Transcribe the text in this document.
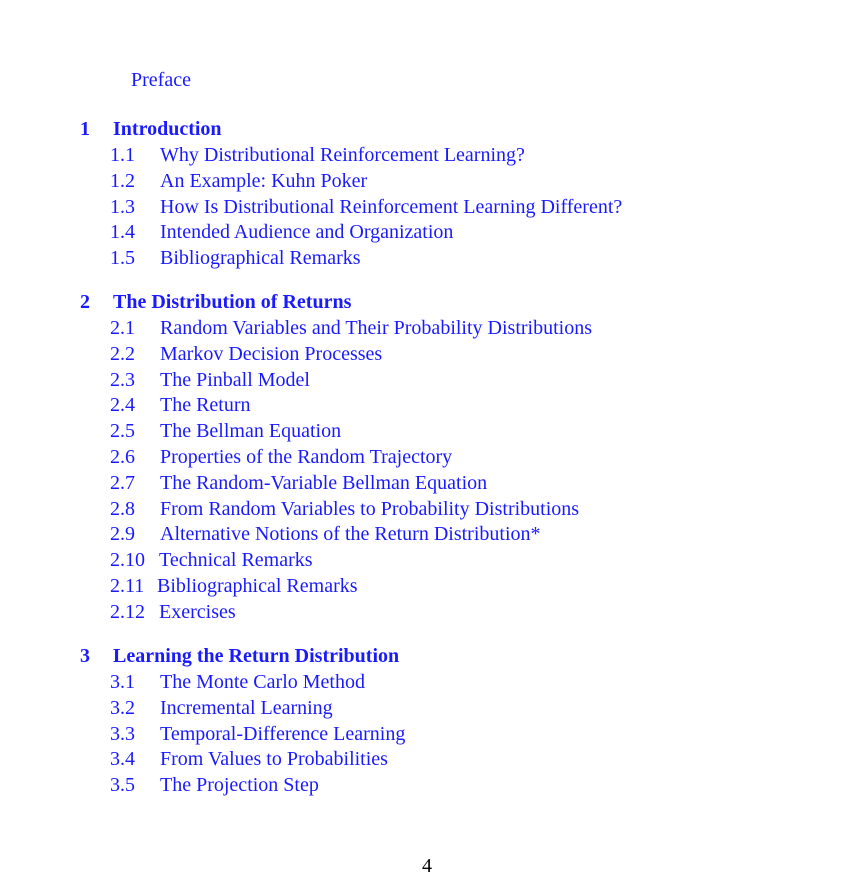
Preface
1 Introduction
1.1 Why Distributional Reinforcement Learning?
1.2 An Example: Kuhn Poker
1.3 How Is Distributional Reinforcement Learning Different?
1.4 Intended Audience and Organization
1.5 Bibliographical Remarks
2 The Distribution of Returns
2.1 Random Variables and Their Probability Distributions
2.2 Markov Decision Processes
2.3 The Pinball Model
2.4 The Return
2.5 The Bellman Equation
2.6 Properties of the Random Trajectory
2.7 The Random-Variable Bellman Equation
2.8 From Random Variables to Probability Distributions
2.9 Alternative Notions of the Return Distribution*
2.10 Technical Remarks
2.11 Bibliographical Remarks
2.12 Exercises
3 Learning the Return Distribution
3.1 The Monte Carlo Method
3.2 Incremental Learning
3.3 Temporal-Difference Learning
3.4 From Values to Probabilities
3.5 The Projection Step
4
